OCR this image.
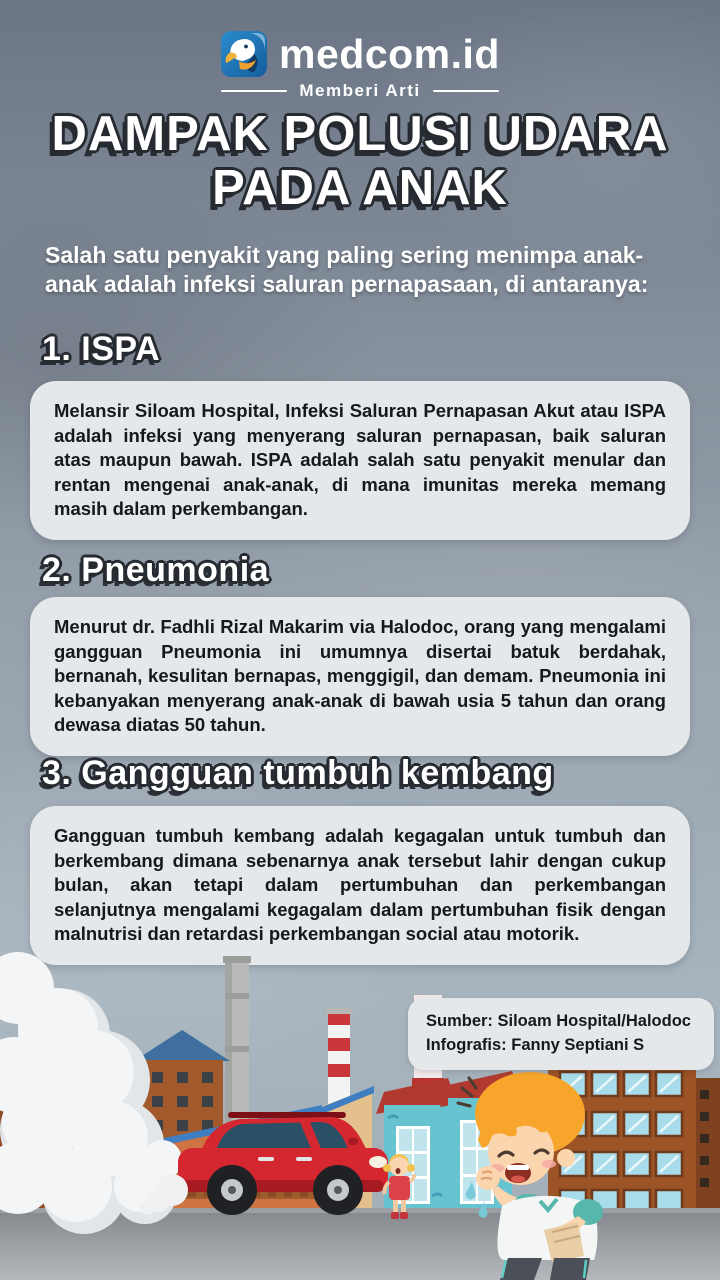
medcom.id
Memberi Arti
DAMPAK POLUSI UDARA
PADA ANAK
Salah satu penyakit yang paling sering menimpa anak-anak adalah infeksi saluran pernapasaan, di antaranya:
1. ISPA
Melansir Siloam Hospital, Infeksi Saluran Pernapasan Akut atau ISPA adalah infeksi yang menyerang saluran pernapasan, baik saluran atas maupun bawah. ISPA adalah salah satu penyakit menular dan rentan mengenai anak-anak, di mana imunitas mereka memang masih dalam perkembangan.
2. Pneumonia
Menurut dr. Fadhli Rizal Makarim via Halodoc, orang yang mengalami gangguan Pneumonia ini umumnya disertai batuk berdahak, bernanah, kesulitan bernapas, menggigil, dan demam. Pneumonia ini kebanyakan menyerang anak-anak di bawah usia 5 tahun dan orang dewasa diatas 50 tahun.
3. Gangguan tumbuh kembang
Gangguan tumbuh kembang adalah kegagalan untuk tumbuh dan berkembang dimana sebenarnya anak tersebut lahir dengan cukup bulan, akan tetapi dalam pertumbuhan dan perkembangan selanjutnya mengalami kegagalam dalam pertumbuhan fisik dengan malnutrisi dan retardasi perkembangan social atau motorik.
Sumber: Siloam Hospital/Halodoc
Infografis: Fanny Septiani S
